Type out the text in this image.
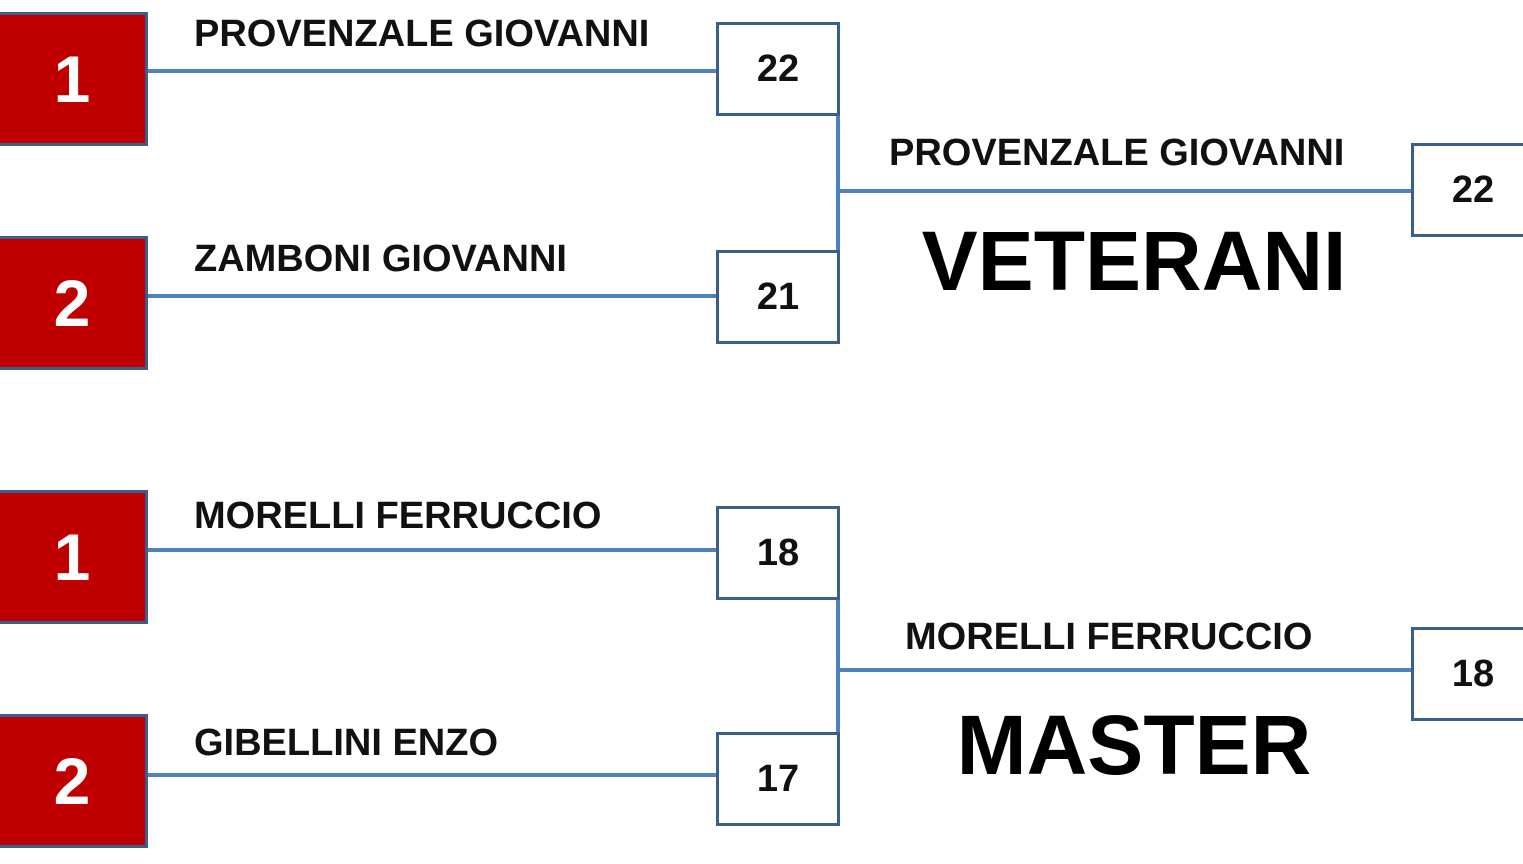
1
PROVENZALE GIOVANNI
22
2
ZAMBONI GIOVANNI
21
PROVENZALE GIOVANNI
22
VETERANI
1
MORELLI FERRUCCIO
18
2
GIBELLINI ENZO
17
MORELLI FERRUCCIO
18
MASTER
